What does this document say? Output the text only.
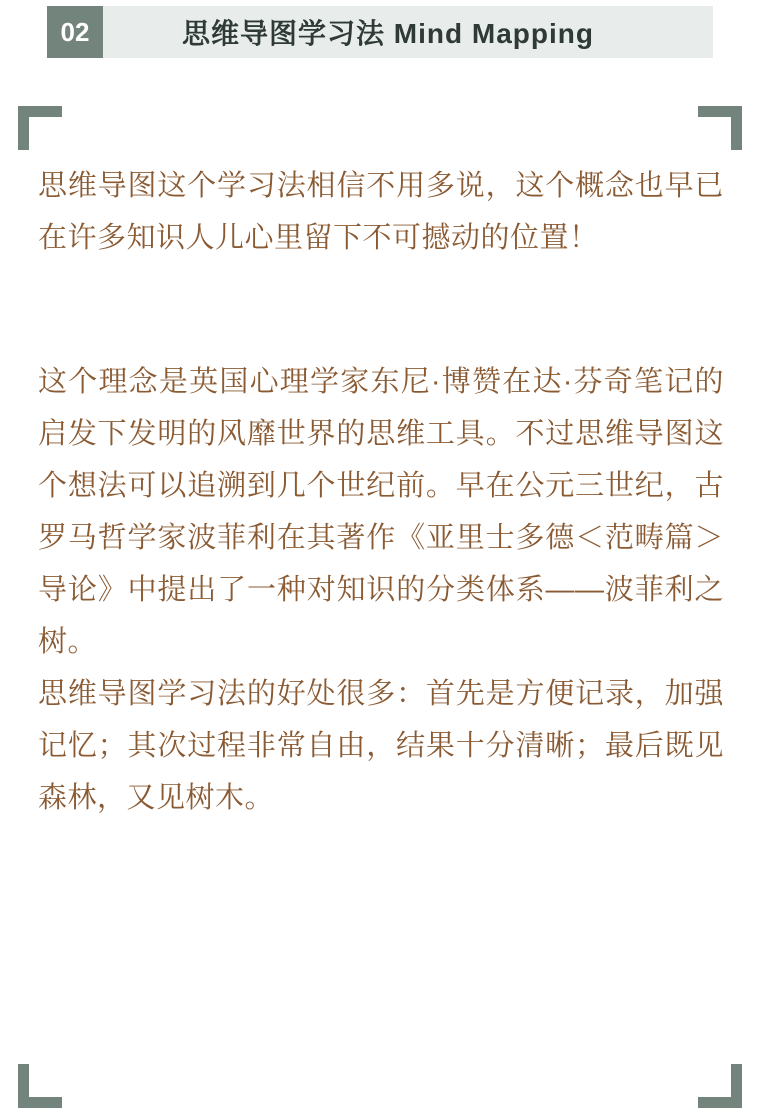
02	思维导图学习法 Mind Mapping

思维导图这个学习法相信不用多说，这个概念也早已在许多知识人儿心里留下不可撼动的位置！

这个理念是英国心理学家东尼·博赞在达·芬奇笔记的启发下发明的风靡世界的思维工具。不过思维导图这个想法可以追溯到几个世纪前。早在公元三世纪，古罗马哲学家波菲利在其著作《亚里士多德＜范畴篇＞导论》中提出了一种对知识的分类体系——波菲利之树。

思维导图学习法的好处很多：首先是方便记录，加强记忆；其次过程非常自由，结果十分清晰；最后既见森林，又见树木。
